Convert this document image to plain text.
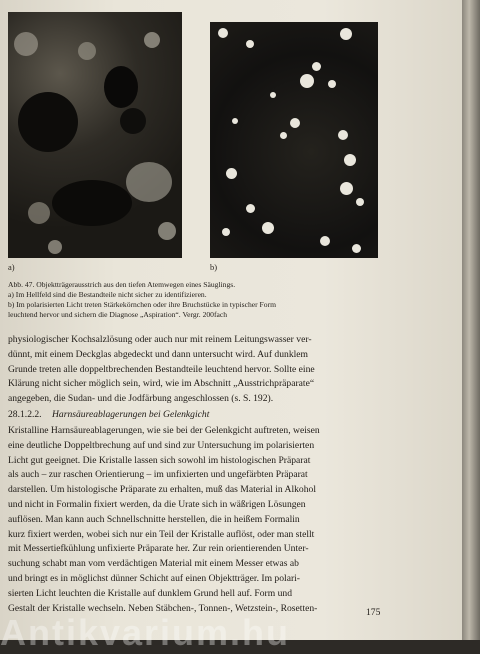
a)	b)

Abb. 47. Objektträgerausstrich aus den tiefen Atemwegen eines Säuglings.

a) Im Hellfeld sind die Bestandteile nicht sicher zu identifizieren.

b) Im polarisierten Licht treten Stärkekörnchen oder ihre Bruchstücke in typischer Form

leuchtend hervor und sichern die Diagnose „Aspiration“. Vergr. 200fach

physiologischer Kochsalzlösung oder auch nur mit reinem Leitungswasser ver-

dünnt, mit einem Deckglas abgedeckt und dann untersucht wird. Auf dunklem

Grunde treten alle doppeltbrechenden Bestandteile leuchtend hervor. Sollte eine

Klärung nicht sicher möglich sein, wird, wie im Abschnitt „Ausstrichpräparate“

angegeben, die Sudan- und die Jodfärbung angeschlossen (s. S. 192).

28.1.2.2. Harnsäureablagerungen bei Gelenkgicht

Kristalline Harnsäureablagerungen, wie sie bei der Gelenkgicht auftreten, weisen

eine deutliche Doppeltbrechung auf und sind zur Untersuchung im polarisierten

Licht gut geeignet. Die Kristalle lassen sich sowohl im histologischen Präparat

als auch – zur raschen Orientierung – im unfixierten und ungefärbten Präparat

darstellen. Um histologische Präparate zu erhalten, muß das Material in Alkohol

und nicht in Formalin fixiert werden, da die Urate sich in wäßrigen Lösungen

auflösen. Man kann auch Schnellschnitte herstellen, die in heißem Formalin

kurz fixiert werden, wobei sich nur ein Teil der Kristalle auflöst, oder man stellt

mit Messertiefkühlung unfixierte Präparate her. Zur rein orientierenden Unter-

suchung schabt man vom verdächtigen Material mit einem Messer etwas ab

und bringt es in möglichst dünner Schicht auf einen Objektträger. Im polari-

sierten Licht leuchten die Kristalle auf dunklem Grund hell auf. Form und

Gestalt der Kristalle wechseln. Neben Stäbchen-, Tonnen-, Wetzstein-, Rosetten-	175
Antikvarium.hu
